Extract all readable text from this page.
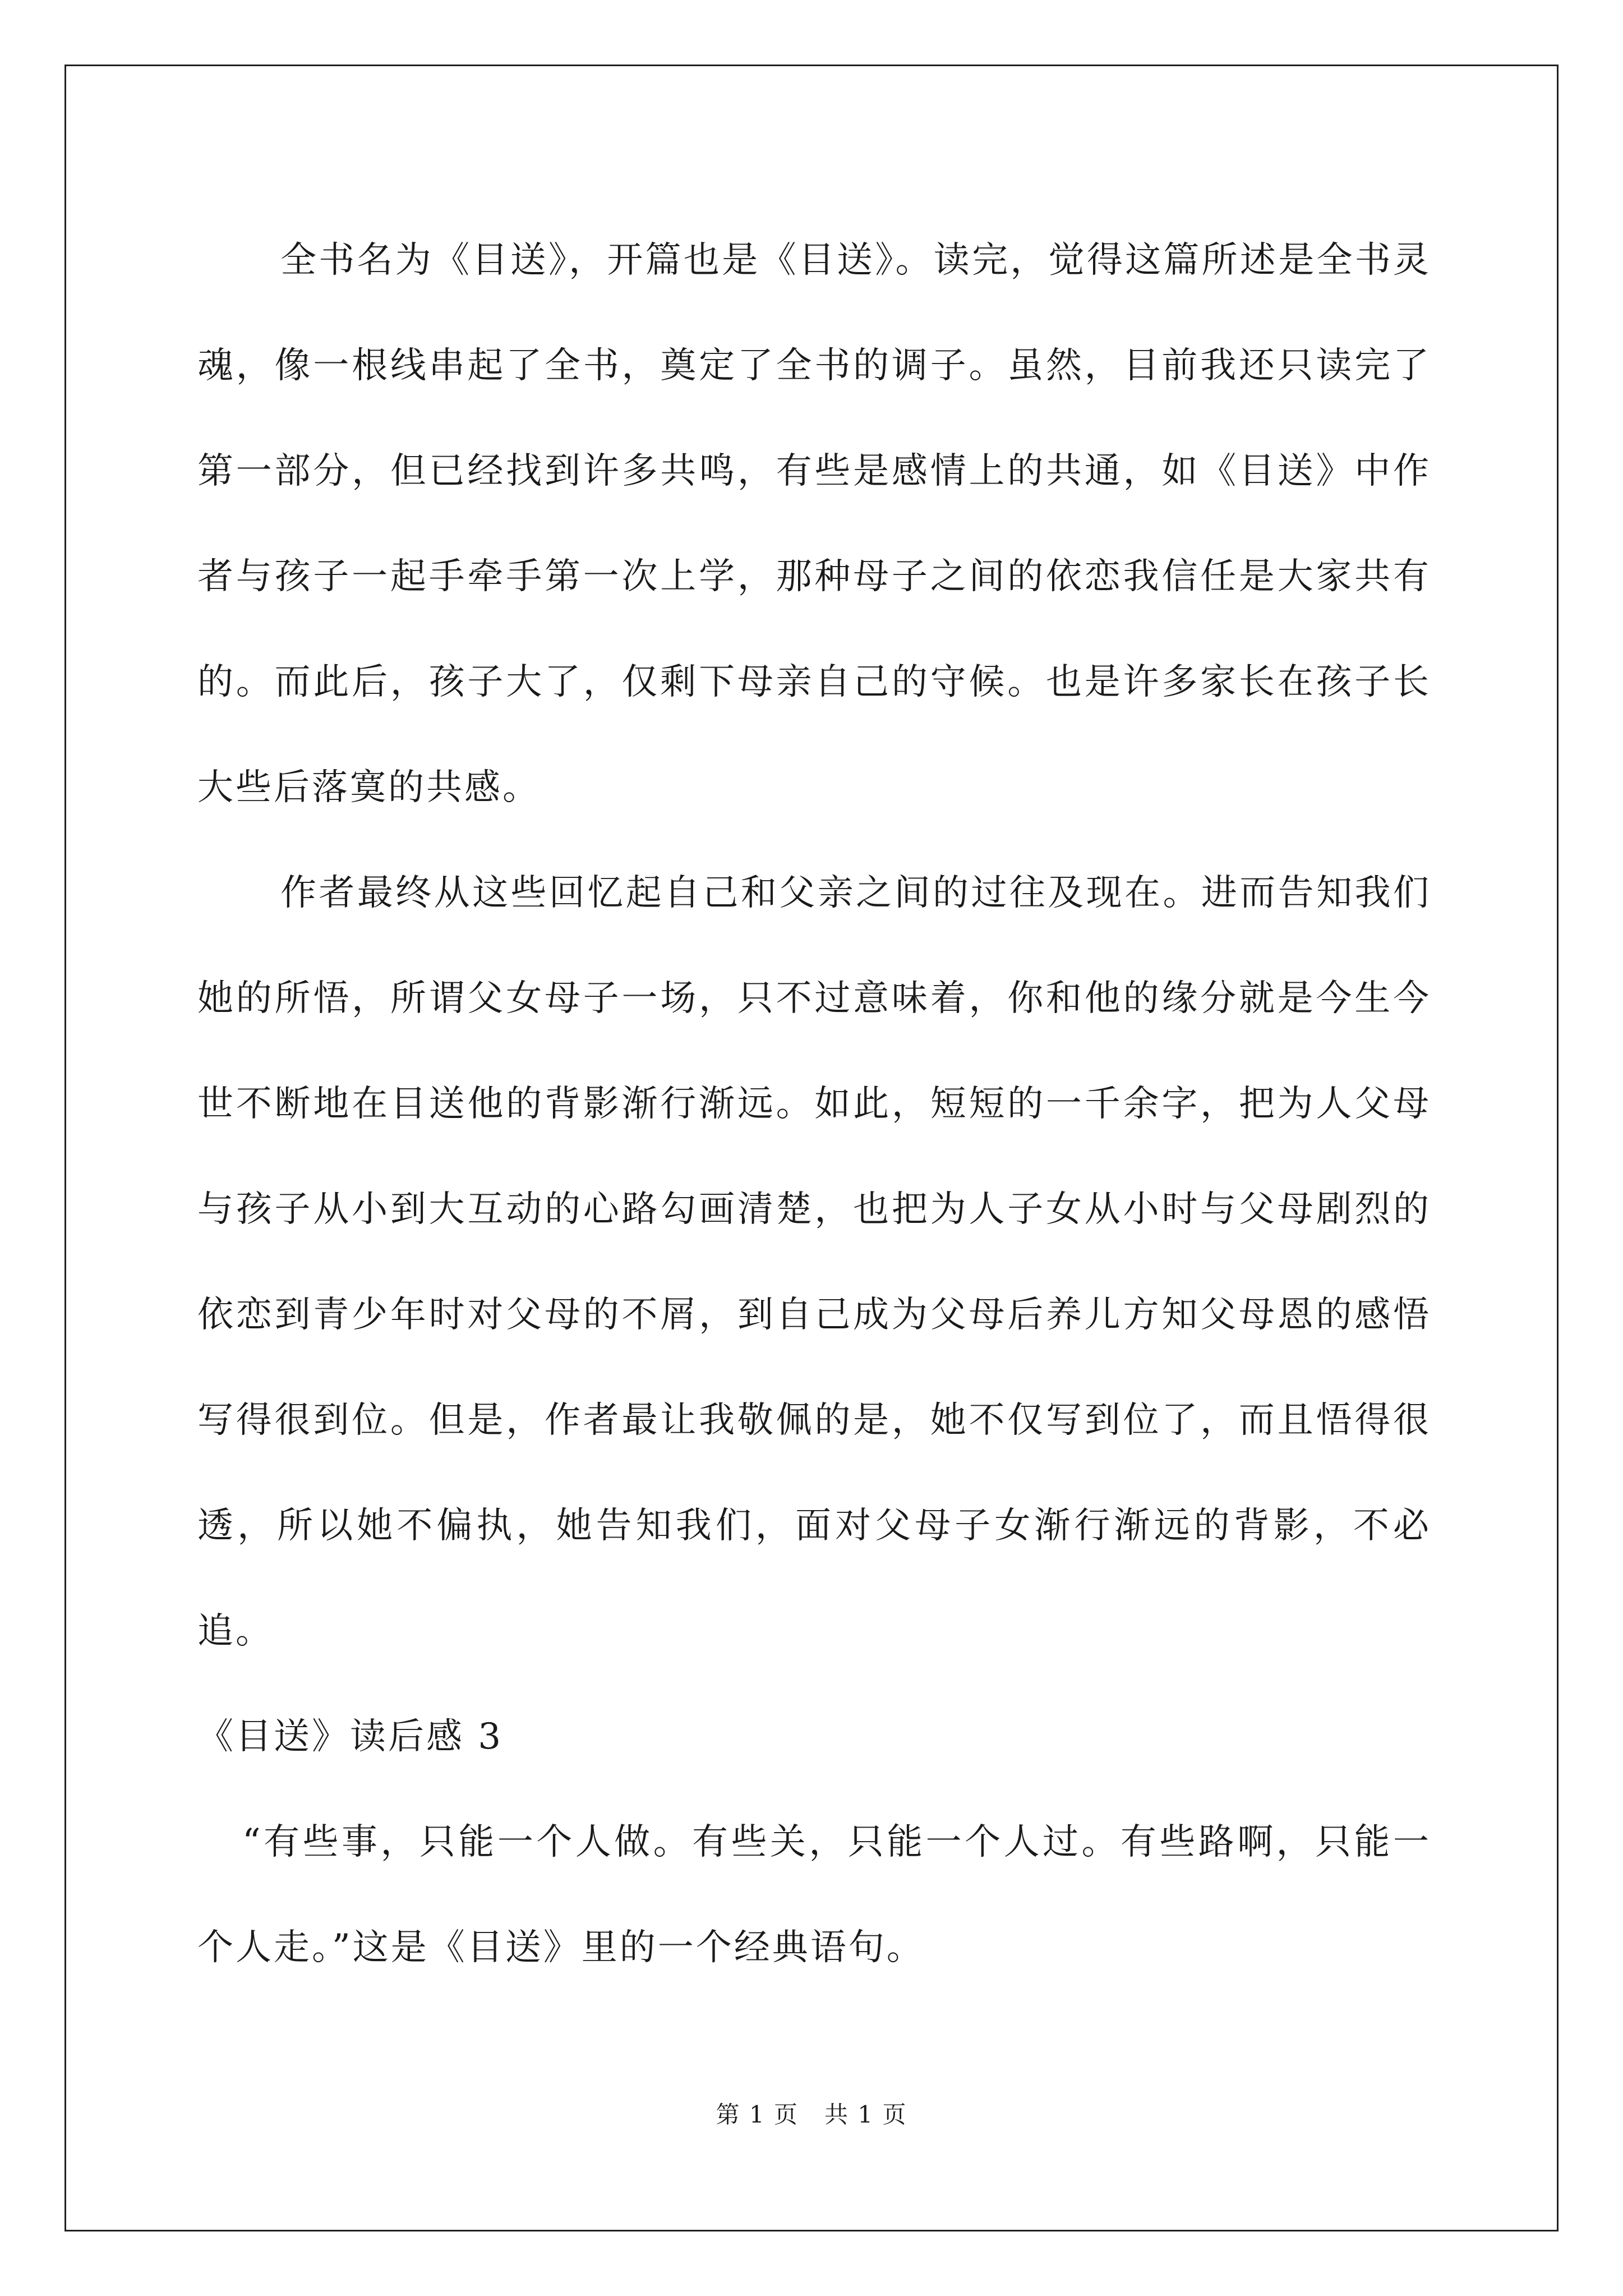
全书名为《目送》，开篇也是《目送》。读完，觉得这篇所述是全书灵魂，像一根线串起了全书，奠定了全书的调子。虽然，目前我还只读完了第一部分，但已经找到许多共鸣，有些是感情上的共通，如《目送》中作者与孩子一起手牵手第一次上学，那种母子之间的依恋我信任是大家共有的。而此后，孩子大了，仅剩下母亲自己的守候。也是许多家长在孩子长大些后落寞的共感。

作者最终从这些回忆起自己和父亲之间的过往及现在。进而告知我们她的所悟，所谓父女母子一场，只不过意味着，你和他的缘分就是今生今世不断地在目送他的背影渐行渐远。如此，短短的一千余字，把为人父母与孩子从小到大互动的心路勾画清楚，也把为人子女从小时与父母剧烈的依恋到青少年时对父母的不屑，到自己成为父母后养儿方知父母恩的感悟写得很到位。但是，作者最让我敬佩的是，她不仅写到位了，而且悟得很透，所以她不偏执，她告知我们，面对父母子女渐行渐远的背影，不必追。

《目送》读后感 3

“有些事，只能一个人做。有些关，只能一个人过。有些路啊，只能一个人走。”这是《目送》里的一个经典语句。

第 1 页 共 1 页
